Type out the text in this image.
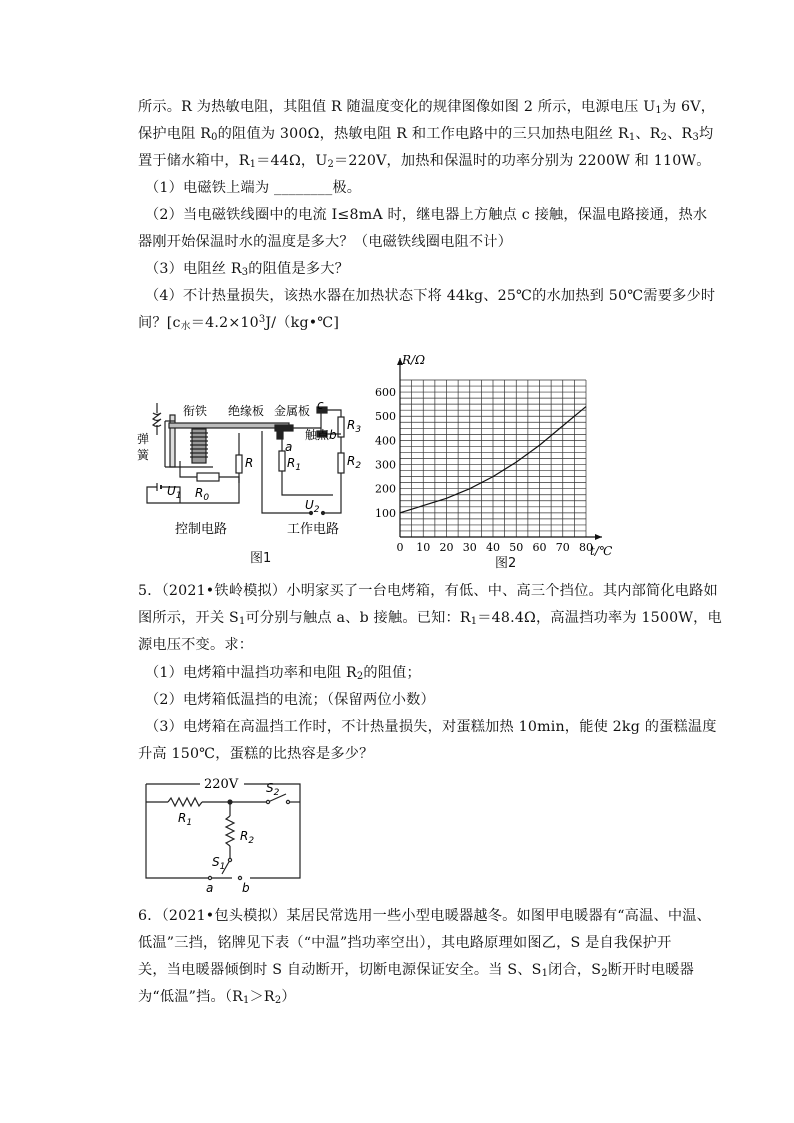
所示。R 为热敏电阻，其阻值 R 随温度变化的规律图像如图 2 所示，电源电压 $U_1$为 6V，
保护电阻 $R_0$的阻值为 300Ω，热敏电阻 R 和工作电路中的三只加热电阻丝 $R_1$、$R_2$、$R_3$均
置于储水箱中，$R_1=44\Omega$，$U_2=220V$，加热和保温时的功率分别为 2200W 和 110W。
（1）电磁铁上端为 ________极。
（2）当电磁铁线圈中的电流 I≤8mA 时，继电器上方触点 c 接触，保温电路接通，热水
器刚开始保温时水的温度是多大？（电磁铁线圈电阻不计）
（3）电阻丝 $R_3$的阻值是多大？
（4）不计热量损失，该热水器在加热状态下将 44kg、25℃的水加热到 50℃需要多少时
间？[$c_水=4.2\times 10^3J/(kg•℃]$
衔铁 绝缘板 金属板
弹
簧
c
触点
a
b
R
$R_0$
$R_1$	$R_2$
$R_3$
$U_1$
$U_2$
控制电路	工作电路
图1
0 10 20 30 40 50 60 70 80
100
200
300
400
500
600
R/Ω
t/℃
图2
5．（2021•铁岭模拟）小明家买了一台电烤箱，有低、中、高三个挡位。其内部简化电路如
图所示，开关 $S_1$可分别与触点 a、b 接触。已知：$R_1=48.4\Omega$，高温挡功率为 1500W，电
源电压不变。求：
（1）电烤箱中温挡功率和电阻 $R_2$的阻值；
（2）电烤箱低温挡的电流；（保留两位小数）
（3）电烤箱在高温挡工作时，不计热量损失，对蛋糕加热 10min，能使 2kg 的蛋糕温度
升高 150℃，蛋糕的比热容是多少？
220V
$R_1$
$R_2$
$S_2$
$S_1$
a b
6．（2021•包头模拟）某居民常选用一些小型电暖器越冬。如图甲电暖器有“高温、中温、
低温”三挡，铭牌见下表（“中温”挡功率空出），其电路原理如图乙，S 是自我保护开
关，当电暖器倾倒时 S 自动断开，切断电源保证安全。当 S、$S_1$闭合，$S_2$断开时电暖器
为“低温”挡。$(R_1>R_2)$
